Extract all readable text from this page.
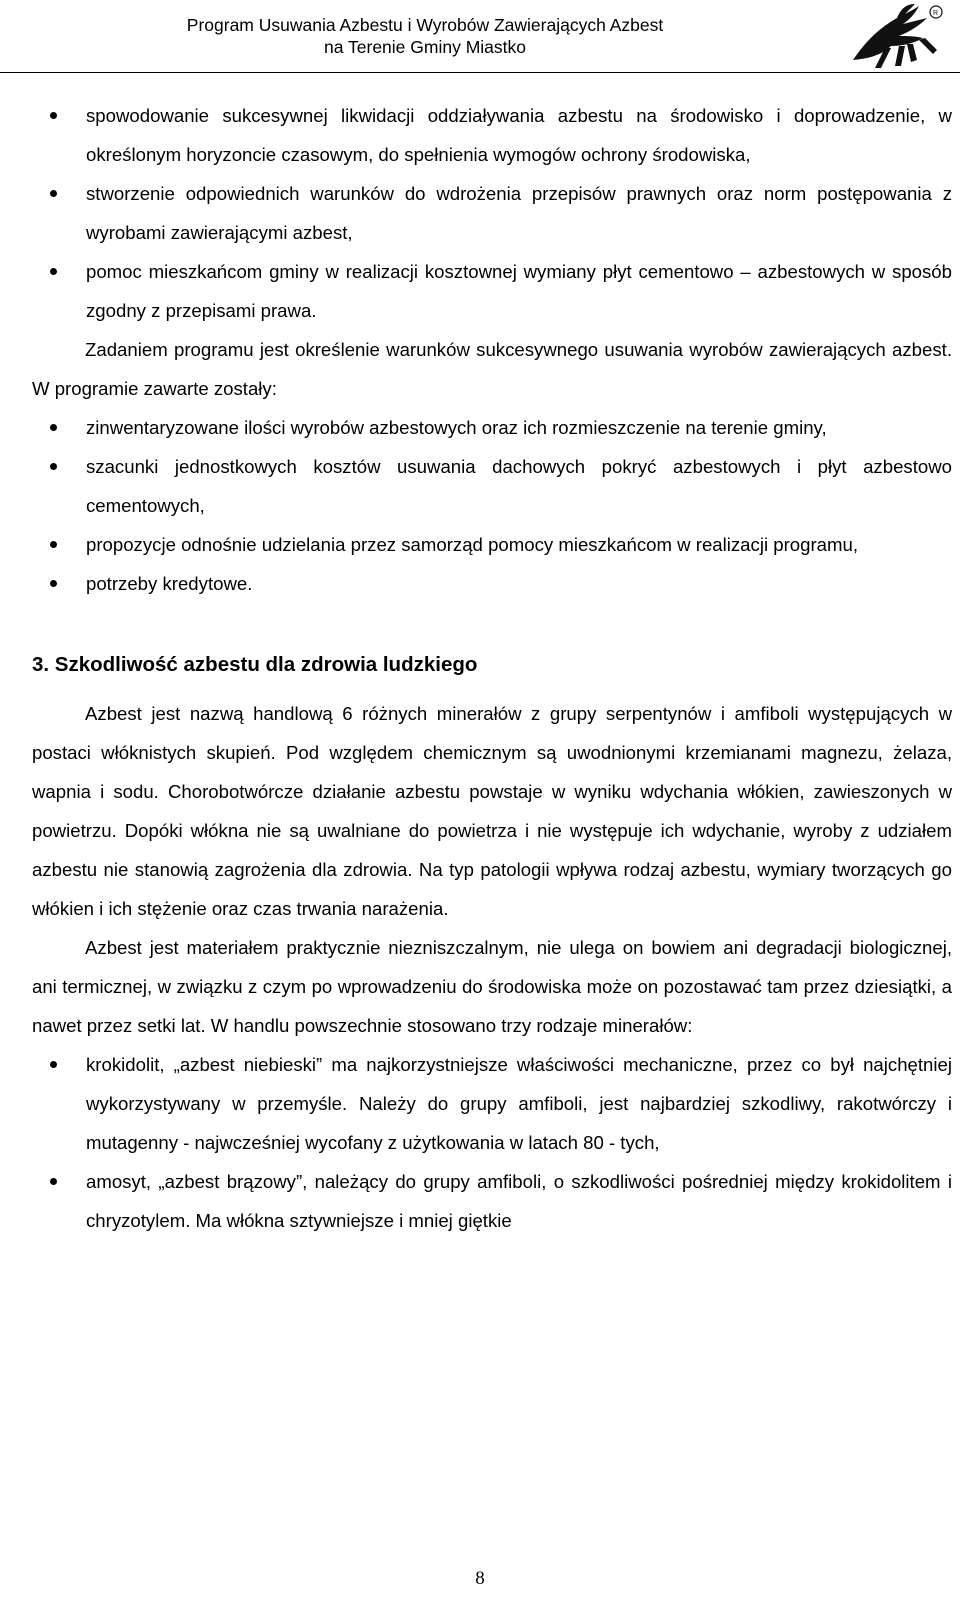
Program Usuwania Azbestu i Wyrobów Zawierających Azbest
na Terenie Gminy Miastko
R
spowodowanie sukcesywnej likwidacji oddziaływania azbestu na środowisko i doprowadzenie, w określonym horyzoncie czasowym, do spełnienia wymogów ochrony środowiska,
stworzenie odpowiednich warunków do wdrożenia przepisów prawnych oraz norm postępowania z wyrobami zawierającymi azbest,
pomoc mieszkańcom gminy w realizacji kosztownej wymiany płyt cementowo – azbestowych w sposób zgodny z przepisami prawa.

Zadaniem programu jest określenie warunków sukcesywnego usuwania wyrobów zawierających azbest. W programie zawarte zostały:

zinwentaryzowane ilości wyrobów azbestowych oraz ich rozmieszczenie na terenie gminy,
szacunki jednostkowych kosztów usuwania dachowych pokryć azbestowych i płyt azbestowo cementowych,
propozycje odnośnie udzielania przez samorząd pomocy mieszkańcom w realizacji programu,
potrzeby kredytowe.

3. Szkodliwość azbestu dla zdrowia ludzkiego

Azbest jest nazwą handlową 6 różnych minerałów z grupy serpentynów i amfiboli występujących w postaci włóknistych skupień. Pod względem chemicznym są uwodnionymi krzemianami magnezu, żelaza, wapnia i sodu. Chorobotwórcze działanie azbestu powstaje w wyniku wdychania włókien, zawieszonych w powietrzu. Dopóki włókna nie są uwalniane do powietrza i nie występuje ich wdychanie, wyroby z udziałem azbestu nie stanowią zagrożenia dla zdrowia. Na typ patologii wpływa rodzaj azbestu, wymiary tworzących go włókien i ich stężenie oraz czas trwania narażenia.

Azbest jest materiałem praktycznie niezniszczalnym, nie ulega on bowiem ani degradacji biologicznej, ani termicznej, w związku z czym po wprowadzeniu do środowiska może on pozostawać tam przez dziesiątki, a nawet przez setki lat. W handlu powszechnie stosowano trzy rodzaje minerałów:

krokidolit, „azbest niebieski” ma najkorzystniejsze właściwości mechaniczne, przez co był najchętniej wykorzystywany w przemyśle. Należy do grupy amfiboli, jest najbardziej szkodliwy, rakotwórczy i mutagenny - najwcześniej wycofany z użytkowania w latach 80 - tych,
amosyt, „azbest brązowy”, należący do grupy amfiboli, o szkodliwości pośredniej między krokidolitem i chryzotylem. Ma włókna sztywniejsze i mniej giętkie
8
